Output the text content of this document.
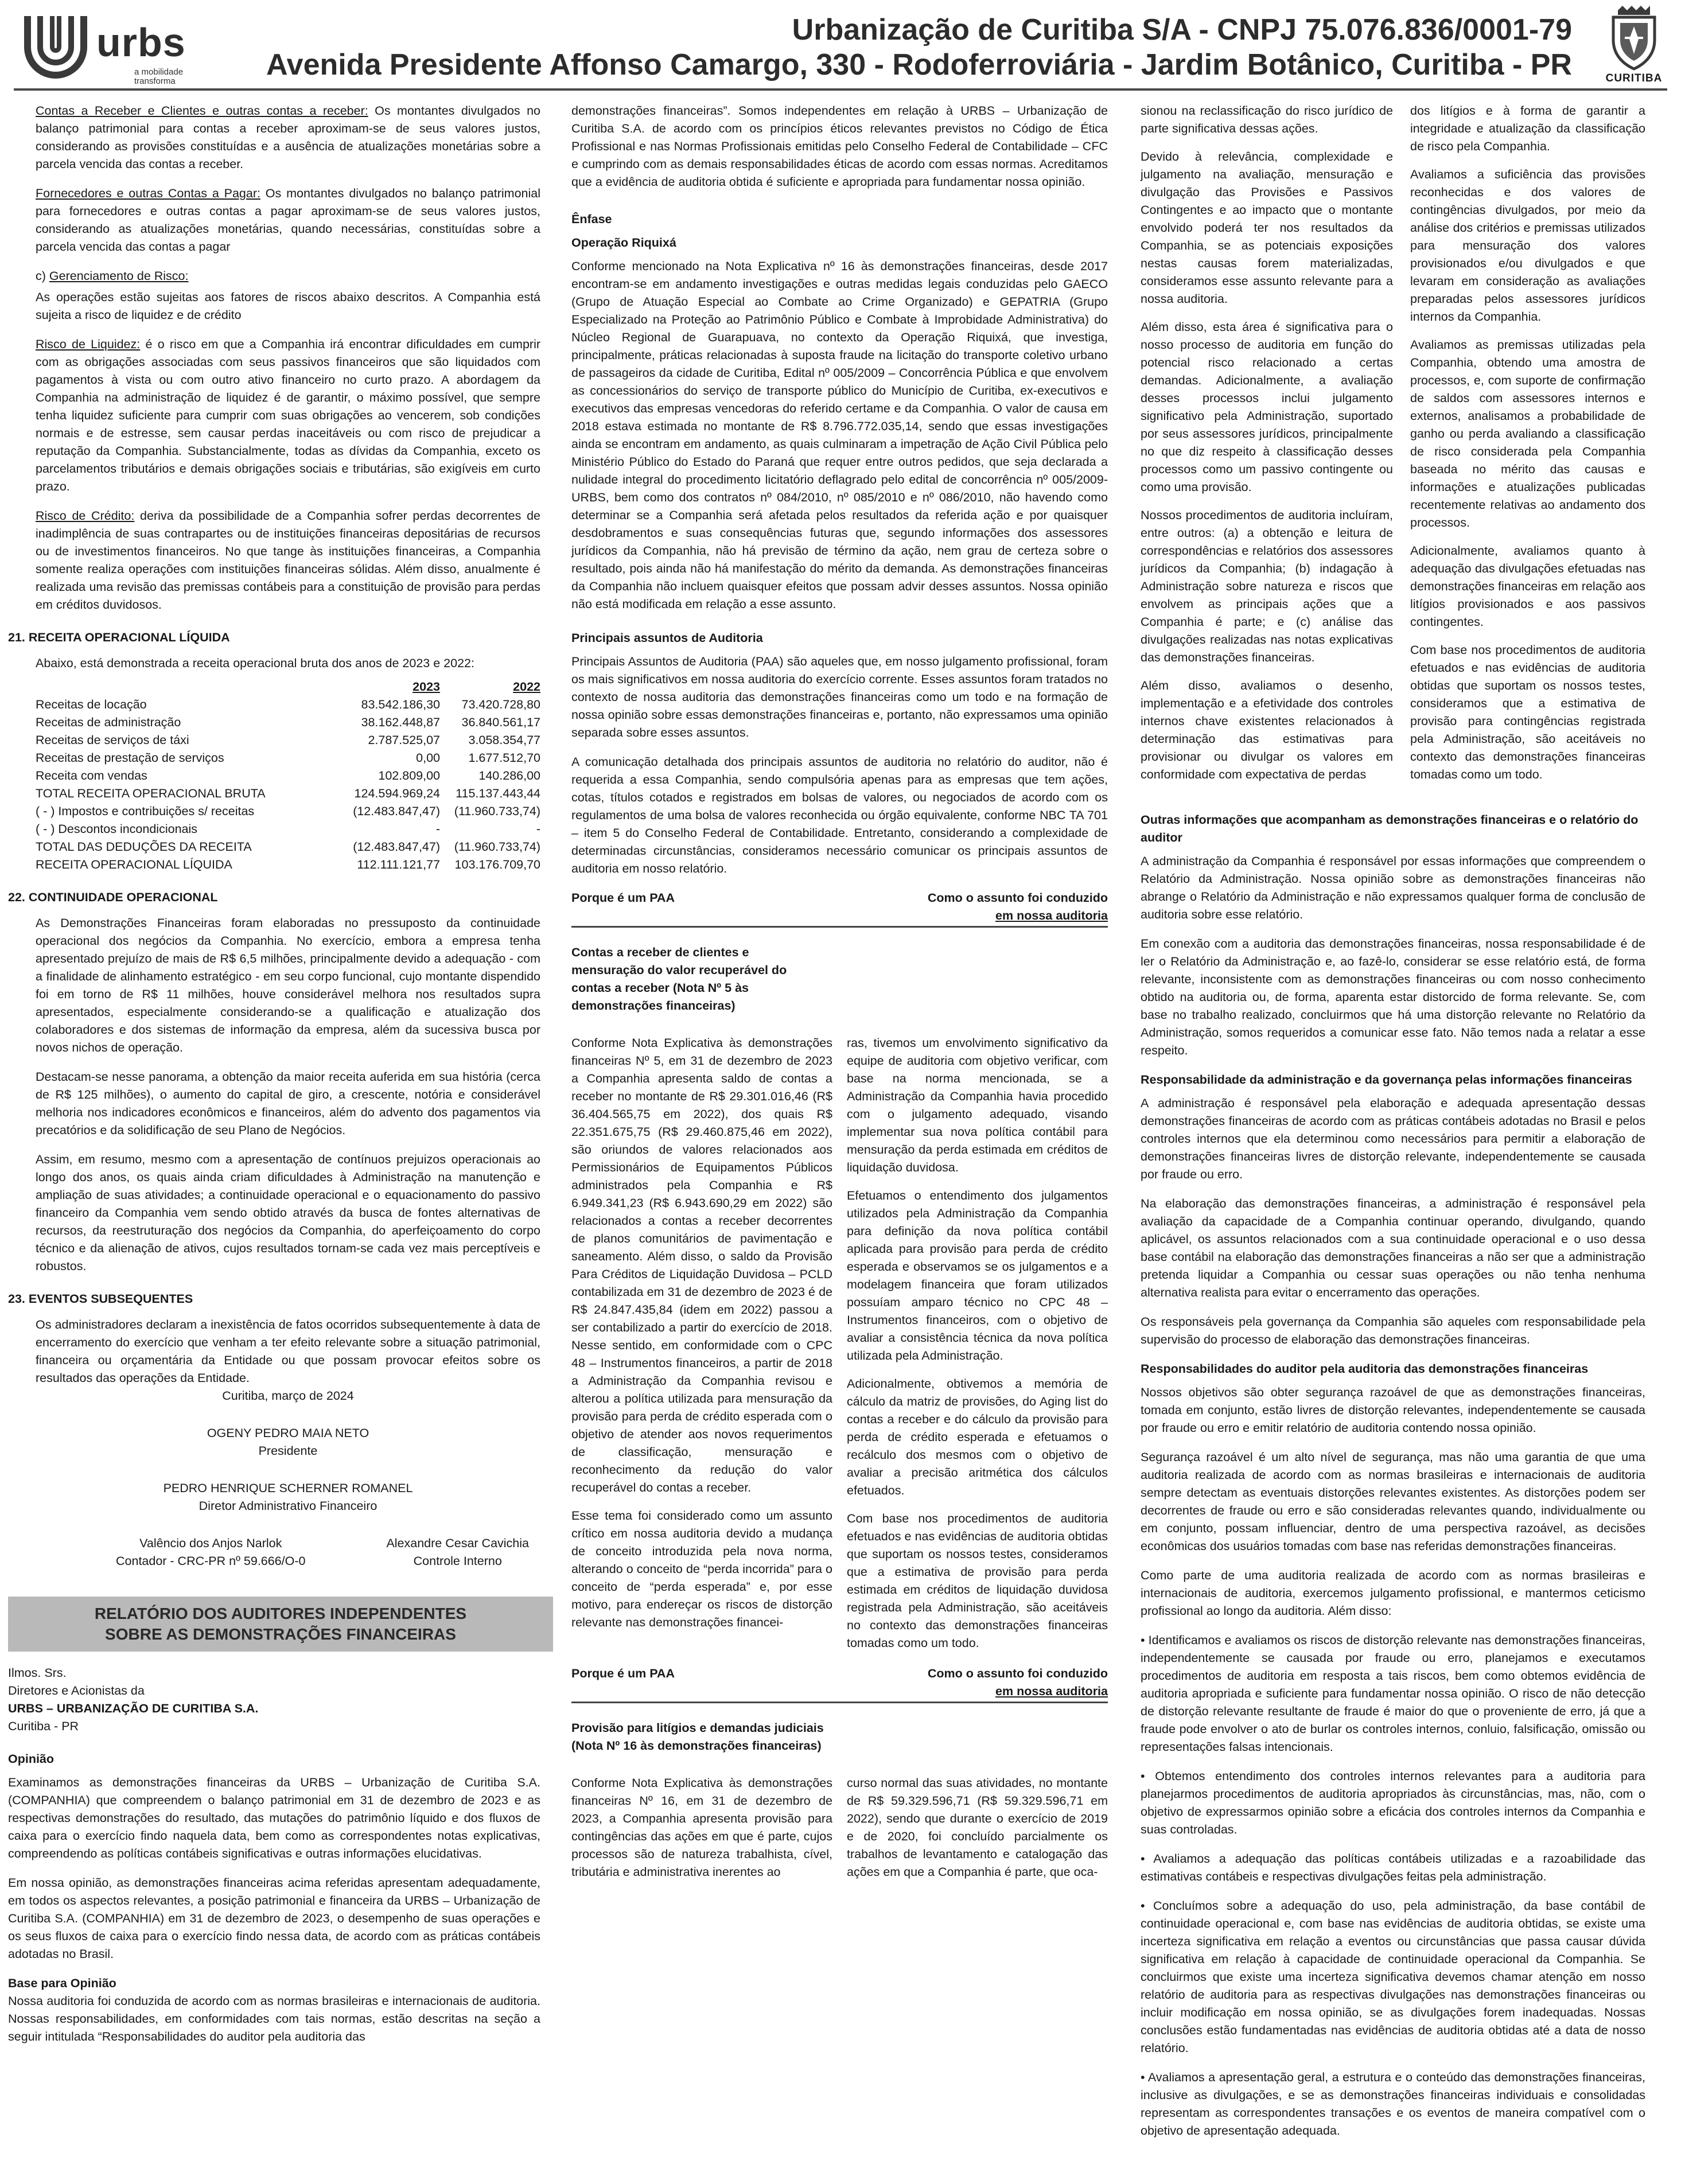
urbs
a mobilidade transforma
Urbanização de Curitiba S/A - CNPJ 75.076.836/0001-79
Avenida Presidente Affonso Camargo, 330 - Rodoferroviária - Jardim Botânico, Curitiba - PR	CURITIBA

Contas a Receber e Clientes e outras contas a receber: Os montantes divulgados no balanço patrimonial para contas a receber aproximam-se de seus valores justos, considerando as provisões constituídas e a ausência de atualizações monetárias sobre a parcela vencida das contas a receber.

Fornecedores e outras Contas a Pagar: Os montantes divulgados no balanço patrimonial para fornecedores e outras contas a pagar aproximam-se de seus valores justos, considerando as atualizações monetárias, quando necessárias, constituídas sobre a parcela vencida das contas a pagar

c) Gerenciamento de Risco:

As operações estão sujeitas aos fatores de riscos abaixo descritos. A Companhia está sujeita a risco de liquidez e de crédito

Risco de Liquidez: é o risco em que a Companhia irá encontrar dificuldades em cumprir com as obrigações associadas com seus passivos financeiros que são liquidados com pagamentos à vista ou com outro ativo financeiro no curto prazo. A abordagem da Companhia na administração de liquidez é de garantir, o máximo possível, que sempre tenha liquidez suficiente para cumprir com suas obrigações ao vencerem, sob condições normais e de estresse, sem causar perdas inaceitáveis ou com risco de prejudicar a reputação da Companhia. Substancialmente, todas as dívidas da Companhia, exceto os parcelamentos tributários e demais obrigações sociais e tributárias, são exigíveis em curto prazo.

Risco de Crédito: deriva da possibilidade de a Companhia sofrer perdas decorrentes de inadimplência de suas contrapartes ou de instituições financeiras depositárias de recursos ou de investimentos financeiros. No que tange às instituições financeiras, a Companhia somente realiza operações com instituições financeiras sólidas. Além disso, anualmente é realizada uma revisão das premissas contábeis para a constituição de provisão para perdas em créditos duvidosos.

21. RECEITA OPERACIONAL LÍQUIDA

Abaixo, está demonstrada a receita operacional bruta dos anos de 2023 e 2022:

	2023	2022
Receitas de locação	83.542.186,30	73.420.728,80
Receitas de administração	38.162.448,87	36.840.561,17
Receitas de serviços de táxi	2.787.525,07	3.058.354,77
Receitas de prestação de serviços	0,00	1.677.512,70
Receita com vendas	102.809,00	140.286,00
TOTAL RECEITA OPERACIONAL BRUTA	124.594.969,24	115.137.443,44
( - ) Impostos e contribuições s/ receitas	(12.483.847,47)	(11.960.733,74)
( - ) Descontos incondicionais	-	-
TOTAL DAS DEDUÇÕES DA RECEITA	(12.483.847,47)	(11.960.733,74)
RECEITA OPERACIONAL LÍQUIDA	112.111.121,77	103.176.709,70
22. CONTINUIDADE OPERACIONAL

As Demonstrações Financeiras foram elaboradas no pressuposto da continuidade operacional dos negócios da Companhia. No exercício, embora a empresa tenha apresentado prejuízo de mais de R$ 6,5 milhões, principalmente devido a adequação - com a finalidade de alinhamento estratégico - em seu corpo funcional, cujo montante dispendido foi em torno de R$ 11 milhões, houve considerável melhora nos resultados supra apresentados, especialmente considerando-se a qualificação e atualização dos colaboradores e dos sistemas de informação da empresa, além da sucessiva busca por novos nichos de operação.

Destacam-se nesse panorama, a obtenção da maior receita auferida em sua história (cerca de R$ 125 milhões), o aumento do capital de giro, a crescente, notória e considerável melhoria nos indicadores econômicos e financeiros, além do advento dos pagamentos via precatórios e da solidificação de seu Plano de Negócios.

Assim, em resumo, mesmo com a apresentação de contínuos prejuizos operacionais ao longo dos anos, os quais ainda criam dificuldades à Administração na manutenção e ampliação de suas atividades; a continuidade operacional e o equacionamento do passivo financeiro da Companhia vem sendo obtido através da busca de fontes alternativas de recursos, da reestruturação dos negócios da Companhia, do aperfeiçoamento do corpo técnico e da alienação de ativos, cujos resultados tornam-se cada vez mais perceptíveis e robustos.

23. EVENTOS SUBSEQUENTES

Os administradores declaram a inexistência de fatos ocorridos subsequentemente à data de encerramento do exercício que venham a ter efeito relevante sobre a situação patrimonial, financeira ou orçamentária da Entidade ou que possam provocar efeitos sobre os resultados das operações da Entidade.

Curitiba, março de 2024
OGENY PEDRO MAIA NETO
Presidente
PEDRO HENRIQUE SCHERNER ROMANEL
Diretor Administrativo Financeiro
Valêncio dos Anjos Narlok
Contador - CRC-PR nº 59.666/O-0
Alexandre Cesar Cavichia
Controle Interno
RELATÓRIO DOS AUDITORES INDEPENDENTES
SOBRE AS DEMONSTRAÇÕES FINANCEIRAS
Ilmos. Srs.
Diretores e Acionistas da
URBS – URBANIZAÇÃO DE CURITIBA S.A.
Curitiba - PR
Opinião

Examinamos as demonstrações financeiras da URBS – Urbanização de Curitiba S.A. (COMPANHIA) que compreendem o balanço patrimonial em 31 de dezembro de 2023 e as respectivas demonstrações do resultado, das mutações do patrimônio líquido e dos fluxos de caixa para o exercício findo naquela data, bem como as correspondentes notas explicativas, compreendendo as políticas contábeis significativas e outras informações elucidativas.

Em nossa opinião, as demonstrações financeiras acima referidas apresentam adequadamente, em todos os aspectos relevantes, a posição patrimonial e financeira da URBS – Urbanização de Curitiba S.A. (COMPANHIA) em 31 de dezembro de 2023, o desempenho de suas operações e os seus fluxos de caixa para o exercício findo nessa data, de acordo com as práticas contábeis adotadas no Brasil.

Base para Opinião

Nossa auditoria foi conduzida de acordo com as normas brasileiras e internacionais de auditoria. Nossas responsabilidades, em conformidades com tais normas, estão descritas na seção a seguir intitulada “Responsabilidades do auditor pela auditoria das

demonstrações financeiras”. Somos independentes em relação à URBS – Urbanização de Curitiba S.A. de acordo com os princípios éticos relevantes previstos no Código de Ética Profissional e nas Normas Profissionais emitidas pelo Conselho Federal de Contabilidade – CFC e cumprindo com as demais responsabilidades éticas de acordo com essas normas. Acreditamos que a evidência de auditoria obtida é suficiente e apropriada para fundamentar nossa opinião.

Ênfase
Operação Riquixá

Conforme mencionado na Nota Explicativa nº 16 às demonstrações financeiras, desde 2017 encontram-se em andamento investigações e outras medidas legais conduzidas pelo GAECO (Grupo de Atuação Especial ao Combate ao Crime Organizado) e GEPATRIA (Grupo Especializado na Proteção ao Patrimônio Público e Combate à Improbidade Administrativa) do Núcleo Regional de Guarapuava, no contexto da Operação Riquixá, que investiga, principalmente, práticas relacionadas à suposta fraude na licitação do transporte coletivo urbano de passageiros da cidade de Curitiba, Edital nº 005/2009 – Concorrência Pública e que envolvem as concessionários do serviço de transporte público do Município de Curitiba, ex-executivos e executivos das empresas vencedoras do referido certame e da Companhia. O valor de causa em 2018 estava estimada no montante de R$ 8.796.772.035,14, sendo que essas investigações ainda se encontram em andamento, as quais culminaram a impetração de Ação Civil Pública pelo Ministério Público do Estado do Paraná que requer entre outros pedidos, que seja declarada a nulidade integral do procedimento licitatório deflagrado pelo edital de concorrência nº 005/2009-URBS, bem como dos contratos nº 084/2010, nº 085/2010 e nº 086/2010, não havendo como determinar se a Companhia será afetada pelos resultados da referida ação e por quaisquer desdobramentos e suas consequências futuras que, segundo informações dos assessores jurídicos da Companhia, não há previsão de término da ação, nem grau de certeza sobre o resultado, pois ainda não há manifestação do mérito da demanda. As demonstrações financeiras da Companhia não incluem quaisquer efeitos que possam advir desses assuntos. Nossa opinião não está modificada em relação a esse assunto.

Principais assuntos de Auditoria

Principais Assuntos de Auditoria (PAA) são aqueles que, em nosso julgamento profissional, foram os mais significativos em nossa auditoria do exercício corrente. Esses assuntos foram tratados no contexto de nossa auditoria das demonstrações financeiras como um todo e na formação de nossa opinião sobre essas demonstrações financeiras e, portanto, não expressamos uma opinião separada sobre esses assuntos.

A comunicação detalhada dos principais assuntos de auditoria no relatório do auditor, não é requerida a essa Companhia, sendo compulsória apenas para as empresas que tem ações, cotas, títulos cotados e registrados em bolsas de valores, ou negociados de acordo com os regulamentos de uma bolsa de valores reconhecida ou órgão equivalente, conforme NBC TA 701 – item 5 do Conselho Federal de Contabilidade. Entretanto, considerando a complexidade de determinadas circunstâncias, consideramos necessário comunicar os principais assuntos de auditoria em nosso relatório.

Porque é um PAA	Como o assunto foi conduzido
em nossa auditoria
Contas a receber de clientes e mensuração do valor recuperável do contas a receber (Nota Nº 5 às demonstrações financeiras)

Conforme Nota Explicativa às demonstrações financeiras Nº 5, em 31 de dezembro de 2023 a Companhia apresenta saldo de contas a receber no montante de R$ 29.301.016,46 (R$ 36.404.565,75 em 2022), dos quais R$ 22.351.675,75 (R$ 29.460.875,46 em 2022), são oriundos de valores relacionados aos Permissionários de Equipamentos Públicos administrados pela Companhia e R$ 6.949.341,23 (R$ 6.943.690,29 em 2022) são relacionados a contas a receber decorrentes de planos comunitários de pavimentação e saneamento. Além disso, o saldo da Provisão Para Créditos de Liquidação Duvidosa – PCLD contabilizada em 31 de dezembro de 2023 é de R$ 24.847.435,84 (idem em 2022) passou a ser contabilizado a partir do exercício de 2018. Nesse sentido, em conformidade com o CPC 48 – Instrumentos financeiros, a partir de 2018 a Administração da Companhia revisou e alterou a política utilizada para mensuração da provisão para perda de crédito esperada com o objetivo de atender aos novos requerimentos de classificação, mensuração e reconhecimento da redução do valor recuperável do contas a receber.

Esse tema foi considerado como um assunto crítico em nossa auditoria devido a mudança de conceito introduzida pela nova norma, alterando o conceito de “perda incorrida” para o conceito de “perda esperada” e, por esse motivo, para endereçar os riscos de distorção relevante nas demonstrações financei-

ras, tivemos um envolvimento significativo da equipe de auditoria com objetivo verificar, com base na norma mencionada, se a Administração da Companhia havia procedido com o julgamento adequado, visando implementar sua nova política contábil para mensuração da perda estimada em créditos de liquidação duvidosa.

Efetuamos o entendimento dos julgamentos utilizados pela Administração da Companhia para definição da nova política contábil aplicada para provisão para perda de crédito esperada e observamos se os julgamentos e a modelagem financeira que foram utilizados possuíam amparo técnico no CPC 48 – Instrumentos financeiros, com o objetivo de avaliar a consistência técnica da nova política utilizada pela Administração.

Adicionalmente, obtivemos a memória de cálculo da matriz de provisões, do Aging list do contas a receber e do cálculo da provisão para perda de crédito esperada e efetuamos o recálculo dos mesmos com o objetivo de avaliar a precisão aritmética dos cálculos efetuados.

Com base nos procedimentos de auditoria efetuados e nas evidências de auditoria obtidas que suportam os nossos testes, consideramos que a estimativa de provisão para perda estimada em créditos de liquidação duvidosa registrada pela Administração, são aceitáveis no contexto das demonstrações financeiras tomadas como um todo.

Porque é um PAA	Como o assunto foi conduzido
em nossa auditoria
Provisão para litígios e demandas judiciais (Nota Nº 16 às demonstrações financeiras)

Conforme Nota Explicativa às demonstrações financeiras Nº 16, em 31 de dezembro de 2023, a Companhia apresenta provisão para contingências das ações em que é parte, cujos processos são de natureza trabalhista, cível, tributária e administrativa inerentes ao

curso normal das suas atividades, no montante de R$ 59.329.596,71 (R$ 59.329.596,71 em 2022), sendo que durante o exercício de 2019 e de 2020, foi concluído parcialmente os trabalhos de levantamento e catalogação das ações em que a Companhia é parte, que oca-

sionou na reclassificação do risco jurídico de parte significativa dessas ações.

Devido à relevância, complexidade e julgamento na avaliação, mensuração e divulgação das Provisões e Passivos Contingentes e ao impacto que o montante envolvido poderá ter nos resultados da Companhia, se as potenciais exposições nestas causas forem materializadas, consideramos esse assunto relevante para a nossa auditoria.

Além disso, esta área é significativa para o nosso processo de auditoria em função do potencial risco relacionado a certas demandas. Adicionalmente, a avaliação desses processos inclui julgamento significativo pela Administração, suportado por seus assessores jurídicos, principalmente no que diz respeito à classificação desses processos como um passivo contingente ou como uma provisão.

Nossos procedimentos de auditoria incluíram, entre outros: (a) a obtenção e leitura de correspondências e relatórios dos assessores jurídicos da Companhia; (b) indagação à Administração sobre natureza e riscos que envolvem as principais ações que a Companhia é parte; e (c) análise das divulgações realizadas nas notas explicativas das demonstrações financeiras.

Além disso, avaliamos o desenho, implementação e a efetividade dos controles internos chave existentes relacionados à determinação das estimativas para provisionar ou divulgar os valores em conformidade com expectativa de perdas

dos litígios e à forma de garantir a integridade e atualização da classificação de risco pela Companhia.

Avaliamos a suficiência das provisões reconhecidas e dos valores de contingências divulgados, por meio da análise dos critérios e premissas utilizados para mensuração dos valores provisionados e/ou divulgados e que levaram em consideração as avaliações preparadas pelos assessores jurídicos internos da Companhia.

Avaliamos as premissas utilizadas pela Companhia, obtendo uma amostra de processos, e, com suporte de confirmação de saldos com assessores internos e externos, analisamos a probabilidade de ganho ou perda avaliando a classificação de risco considerada pela Companhia baseada no mérito das causas e informações e atualizações publicadas recentemente relativas ao andamento dos processos.

Adicionalmente, avaliamos quanto à adequação das divulgações efetuadas nas demonstrações financeiras em relação aos litígios provisionados e aos passivos contingentes.

Com base nos procedimentos de auditoria efetuados e nas evidências de auditoria obtidas que suportam os nossos testes, consideramos que a estimativa de provisão para contingências registrada pela Administração, são aceitáveis no contexto das demonstrações financeiras tomadas como um todo.

Outras informações que acompanham as demonstrações financeiras e o relatório do auditor

A administração da Companhia é responsável por essas informações que compreendem o Relatório da Administração. Nossa opinião sobre as demonstrações financeiras não abrange o Relatório da Administração e não expressamos qualquer forma de conclusão de auditoria sobre esse relatório.

Em conexão com a auditoria das demonstrações financeiras, nossa responsabilidade é de ler o Relatório da Administração e, ao fazê-lo, considerar se esse relatório está, de forma relevante, inconsistente com as demonstrações financeiras ou com nosso conhecimento obtido na auditoria ou, de forma, aparenta estar distorcido de forma relevante. Se, com base no trabalho realizado, concluirmos que há uma distorção relevante no Relatório da Administração, somos requeridos a comunicar esse fato. Não temos nada a relatar a esse respeito.

Responsabilidade da administração e da governança pelas informações financeiras

A administração é responsável pela elaboração e adequada apresentação dessas demonstrações financeiras de acordo com as práticas contábeis adotadas no Brasil e pelos controles internos que ela determinou como necessários para permitir a elaboração de demonstrações financeiras livres de distorção relevante, independentemente se causada por fraude ou erro.

Na elaboração das demonstrações financeiras, a administração é responsável pela avaliação da capacidade de a Companhia continuar operando, divulgando, quando aplicável, os assuntos relacionados com a sua continuidade operacional e o uso dessa base contábil na elaboração das demonstrações financeiras a não ser que a administração pretenda liquidar a Companhia ou cessar suas operações ou não tenha nenhuma alternativa realista para evitar o encerramento das operações.

Os responsáveis pela governança da Companhia são aqueles com responsabilidade pela supervisão do processo de elaboração das demonstrações financeiras.

Responsabilidades do auditor pela auditoria das demonstrações financeiras

Nossos objetivos são obter segurança razoável de que as demonstrações financeiras, tomada em conjunto, estão livres de distorção relevantes, independentemente se causada por fraude ou erro e emitir relatório de auditoria contendo nossa opinião.

Segurança razoável é um alto nível de segurança, mas não uma garantia de que uma auditoria realizada de acordo com as normas brasileiras e internacionais de auditoria sempre detectam as eventuais distorções relevantes existentes. As distorções podem ser decorrentes de fraude ou erro e são consideradas relevantes quando, individualmente ou em conjunto, possam influenciar, dentro de uma perspectiva razoável, as decisões econômicas dos usuários tomadas com base nas referidas demonstrações financeiras.

Como parte de uma auditoria realizada de acordo com as normas brasileiras e internacionais de auditoria, exercemos julgamento profissional, e mantermos ceticismo profissional ao longo da auditoria. Além disso:

• Identificamos e avaliamos os riscos de distorção relevante nas demonstrações financeiras, independentemente se causada por fraude ou erro, planejamos e executamos procedimentos de auditoria em resposta a tais riscos, bem como obtemos evidência de auditoria apropriada e suficiente para fundamentar nossa opinião. O risco de não detecção de distorção relevante resultante de fraude é maior do que o proveniente de erro, já que a fraude pode envolver o ato de burlar os controles internos, conluio, falsificação, omissão ou representações falsas intencionais.

• Obtemos entendimento dos controles internos relevantes para a auditoria para planejarmos procedimentos de auditoria apropriados às circunstâncias, mas, não, com o objetivo de expressarmos opinião sobre a eficácia dos controles internos da Companhia e suas controladas.

• Avaliamos a adequação das políticas contábeis utilizadas e a razoabilidade das estimativas contábeis e respectivas divulgações feitas pela administração.

• Concluímos sobre a adequação do uso, pela administração, da base contábil de continuidade operacional e, com base nas evidências de auditoria obtidas, se existe uma incerteza significativa em relação a eventos ou circunstâncias que passa causar dúvida significativa em relação à capacidade de continuidade operacional da Companhia. Se concluirmos que existe uma incerteza significativa devemos chamar atenção em nosso relatório de auditoria para as respectivas divulgações nas demonstrações financeiras ou incluir modificação em nossa opinião, se as divulgações forem inadequadas. Nossas conclusões estão fundamentadas nas evidências de auditoria obtidas até a data de nosso relatório.

• Avaliamos a apresentação geral, a estrutura e o conteúdo das demonstrações financeiras, inclusive as divulgações, e se as demonstrações financeiras individuais e consolidadas representam as correspondentes transações e os eventos de maneira compatível com o objetivo de apresentação adequada.
